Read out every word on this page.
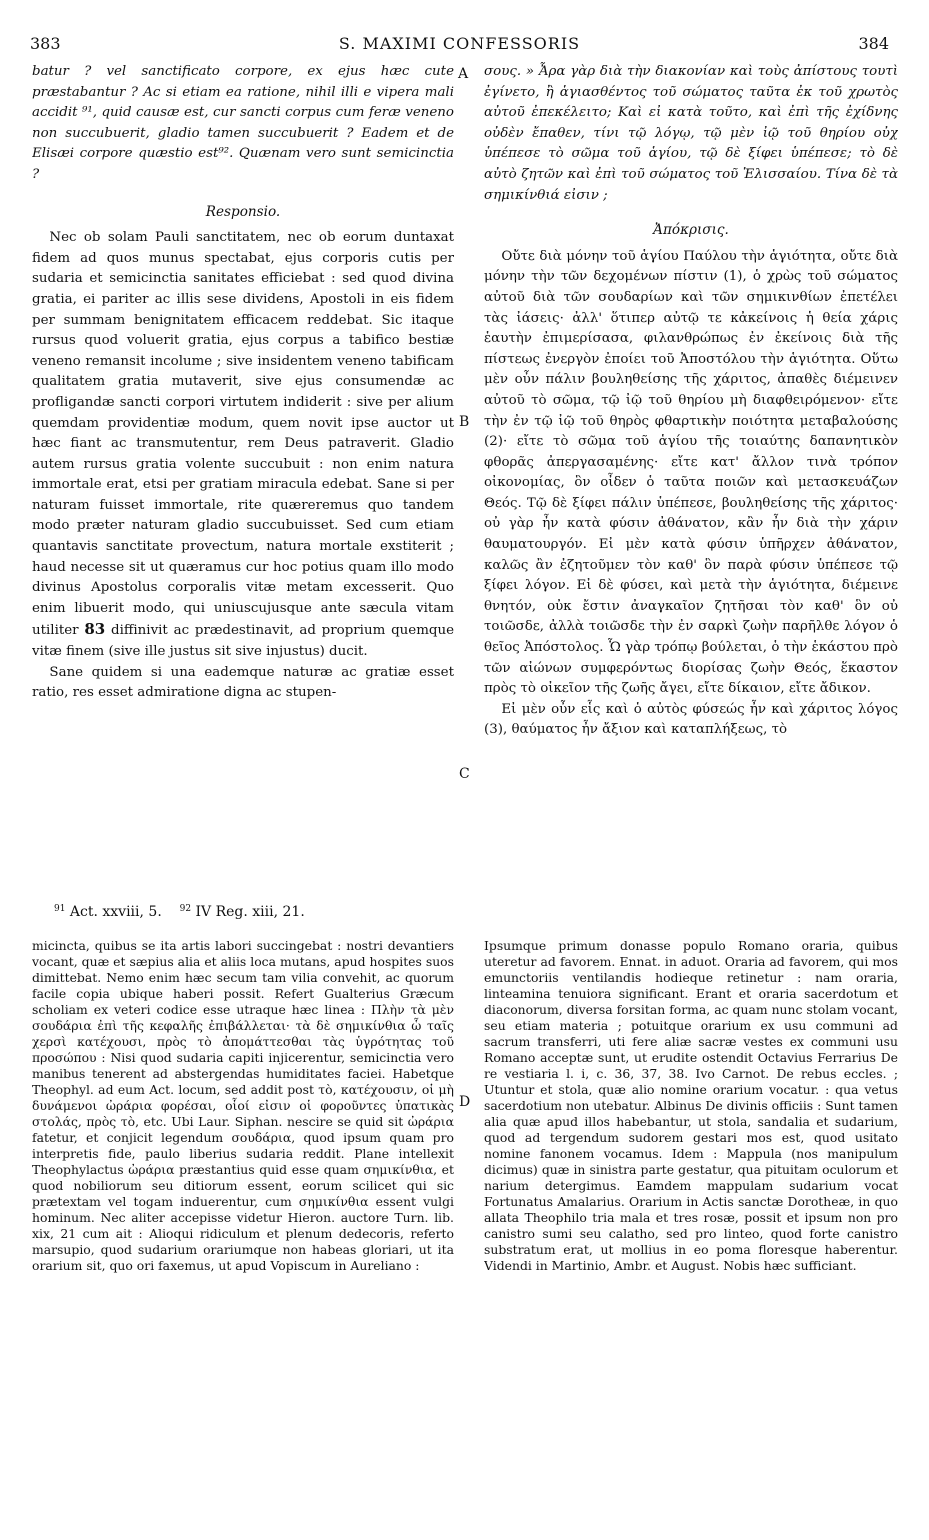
383	S. MAXIMI CONFESSORIS	384

batur ? vel sanctificato corpore, ex ejus hæc cute præstabantur ? Ac si etiam ea ratione, nihil illi e vipera mali accidit ⁹¹, quid causæ est, cur sancti corpus cum feræ veneno non succubuerit, gladio tamen succubuerit ? Eadem et de Elisæi corpore quæstio est⁹². Quænam vero sunt semicinctia ?

Responsio.

Nec ob solam Pauli sanctitatem, nec ob eorum duntaxat fidem ad quos munus spectabat, ejus corporis cutis per sudaria et semicinctia sanitates efficiebat : sed quod divina gratia, ei pariter ac illis sese dividens, Apostoli in eis fidem per summam benignitatem efficacem reddebat. Sic itaque rursus quod voluerit gratia, ejus corpus a tabifico bestiæ veneno remansit incolume ; sive insidentem veneno tabificam qualitatem gratia mutaverit, sive ejus consumendæ ac profligandæ sancti corpori virtutem indiderit : sive per alium quemdam providentiæ modum, quem novit ipse auctor ut hæc fiant ac transmutentur, rem Deus patraverit. Gladio autem rursus gratia volente succubuit : non enim natura immortale erat, etsi per gratiam miracula edebat. Sane si per naturam fuisset immortale, rite quæreremus quo tandem modo præter naturam gladio succubuisset. Sed cum etiam quantavis sanctitate provectum, natura mortale exstiterit ; haud necesse sit ut quæramus cur hoc potius quam illo modo divinus Apostolus corporalis vitæ metam excesserit. Quo enim libuerit modo, qui uniuscujusque ante sæcula vitam utiliter 83 diffinivit ac prædestinavit, ad proprium quemque vitæ finem (sive ille justus sit sive injustus) ducit.

Sane quidem si una eademque naturæ ac gratiæ esset ratio, res esset admiratione digna ac stupen-

σους. » Ἆρα γὰρ διὰ τὴν διακονίαν καὶ τοὺς ἀπίστους τουτὶ ἐγίνετο, ἢ ἁγιασθέντος τοῦ σώματος ταῦτα ἐκ τοῦ χρωτὸς αὐτοῦ ἐπεκέλειτο; Καὶ εἰ κατὰ τοῦτο, καὶ ἐπὶ τῆς ἐχίδνης οὐδὲν ἔπαθεν, τίνι τῷ λόγῳ, τῷ μὲν ἰῷ τοῦ θηρίου οὐχ ὑπέπεσε τὸ σῶμα τοῦ ἁγίου, τῷ δὲ ξίφει ὑπέπεσε; τὸ δὲ αὐτὸ ζητῶν καὶ ἐπὶ τοῦ σώματος τοῦ Ἐλισσαίου. Τίνα δὲ τὰ σημικίνθιά εἰσιν ;

Ἀπόκρισις.

Οὔτε διὰ μόνην τοῦ ἁγίου Παύλου τὴν ἁγιότητα, οὔτε διὰ μόνην τὴν τῶν δεχομένων πίστιν (1), ὁ χρὼς τοῦ σώματος αὐτοῦ διὰ τῶν σουδαρίων καὶ τῶν σημικινθίων ἐπετέλει τὰς ἰάσεις· ἀλλ' ὅτιπερ αὐτῷ τε κἀκείνοις ἡ θεία χάρις ἑαυτὴν ἐπιμερίσασα, φιλανθρώπως ἐν ἐκείνοις διὰ τῆς πίστεως ἐνεργὸν ἐποίει τοῦ Ἀποστόλου τὴν ἁγιότητα. Οὕτω μὲν οὖν πάλιν βουληθείσης τῆς χάριτος, ἀπαθὲς διέμεινεν αὐτοῦ τὸ σῶμα, τῷ ἰῷ τοῦ θηρίου μὴ διαφθειρόμενον· εἴτε τὴν ἐν τῷ ἰῷ τοῦ θηρὸς φθαρτικὴν ποιότητα μεταβαλούσης (2)· εἴτε τὸ σῶμα τοῦ ἁγίου τῆς τοιαύτης δαπανητικὸν φθορᾶς ἀπεργασαμένης· εἴτε κατ' ἄλλον τινὰ τρόπον οἰκονομίας, ὃν οἶδεν ὁ ταῦτα ποιῶν καὶ μετασκευάζων Θεός. Τῷ δὲ ξίφει πάλιν ὑπέπεσε, βουληθείσης τῆς χάριτος· οὐ γὰρ ἦν κατὰ φύσιν ἀθάνατον, κἂν ἦν διὰ τὴν χάριν θαυματουργόν. Εἰ μὲν κατὰ φύσιν ὑπῆρχεν ἀθάνατον, καλῶς ἂν ἐζητοῦμεν τὸν καθ' ὃν παρὰ φύσιν ὑπέπεσε τῷ ξίφει λόγον. Εἰ δὲ φύσει, καὶ μετὰ τὴν ἁγιότητα, διέμεινε θνητόν, οὐκ ἔστιν ἀναγκαῖον ζητῆσαι τὸν καθ' ὃν οὐ τοιῶσδε, ἀλλὰ τοιῶσδε τὴν ἐν σαρκὶ ζωὴν παρῆλθε λόγον ὁ θεῖος Ἀπόστολος. Ὧ γὰρ τρόπῳ βούλεται, ὁ τὴν ἑκάστου πρὸ τῶν αἰώνων συμφερόντως διορίσας ζωὴν Θεός, ἕκαστον πρὸς τὸ οἰκεῖον τῆς ζωῆς ἄγει, εἴτε δίκαιον, εἴτε ἄδικον.

Εἰ μὲν οὖν εἷς καὶ ὁ αὐτὸς φύσεώς ἦν καὶ χάριτος λόγος (3), θαύματος ἦν ἄξιον καὶ καταπλήξεως, τὸ

A
B
C
D
$^{91}$ Act. xxviii, 5. $^{92}$ IV Reg. xiii, 21.

micincta, quibus se ita artis labori succingebat : nostri devantiers vocant, quæ et sæpius alia et aliis loca mutans, apud hospites suos dimittebat. Nemo enim hæc secum tam vilia convehit, ac quorum facile copia ubique haberi possit. Refert Gualterius Græcum scholiam ex veteri codice esse utraque hæc linea : Πλὴν τὰ μὲν σουδάρια ἐπὶ τῆς κεφαλῆς ἐπιβάλλεται· τὰ δὲ σημικίνθια ὧ ταῖς χερσὶ κατέχουσι, πρὸς τὸ ἀπομάττεσθαι τὰς ὑγρότητας τοῦ προσώπου : Nisi quod sudaria capiti injicerentur, semicinctia vero manibus tenerent ad abstergendas humiditates faciei. Habetque Theophyl. ad eum Act. locum, sed addit post τὸ, κατέχουσιν, οἱ μὴ δυνάμενοι ὠράρια φορέσαι, οἷοί εἰσιν οἱ φοροῦντες ὑπατικὰς στολάς, πρὸς τὸ, etc. Ubi Laur. Siphan. nescire se quid sit ὠράρια fatetur, et conjicit legendum σουδάρια, quod ipsum quam pro interpretis fide, paulo liberius sudaria reddit. Plane intellexit Theophylactus ὠράρια præstantius quid esse quam σημικίνθια, et quod nobiliorum seu ditiorum essent, eorum scilicet qui sic prætextam vel togam induerentur, cum σημικίνθια essent vulgi hominum. Nec aliter accepisse videtur Hieron. auctore Turn. lib. xix, 21 cum ait : Alioqui ridiculum et plenum dedecoris, referto marsupio, quod sudarium orariumque non habeas gloriari, ut ita orarium sit, quo ori faxemus, ut apud Vopiscum in Aureliano :

Ipsumque primum donasse populo Romano oraria, quibus uteretur ad favorem. Ennat. in aduot. Oraria ad favorem, qui mos emunctoriis ventilandis hodieque retinetur : nam oraria, linteamina tenuiora significant. Erant et oraria sacerdotum et diaconorum, diversa forsitan forma, ac quam nunc stolam vocant, seu etiam materia ; potuitque orarium ex usu communi ad sacrum transferri, uti fere aliæ sacræ vestes ex communi usu Romano acceptæ sunt, ut erudite ostendit Octavius Ferrarius De re vestiaria l. i, c. 36, 37, 38. Ivo Carnot. De rebus eccles. ; Utuntur et stola, quæ alio nomine orarium vocatur. : qua vetus sacerdotium non utebatur. Albinus De divinis officiis : Sunt tamen alia quæ apud illos habebantur, ut stola, sandalia et sudarium, quod ad tergendum sudorem gestari mos est, quod usitato nomine fanonem vocamus. Idem : Mappula (nos manipulum dicimus) quæ in sinistra parte gestatur, qua pituitam oculorum et narium detergimus. Eamdem mappulam sudarium vocat Fortunatus Amalarius. Orarium in Actis sanctæ Dorotheæ, in quo allata Theophilo tria mala et tres rosæ, possit et ipsum non pro canistro sumi seu calatho, sed pro linteo, quod forte canistro substratum erat, ut mollius in eo poma floresque haberentur. Videndi in Martinio, Ambr. et August. Nobis hæc sufficiant.
